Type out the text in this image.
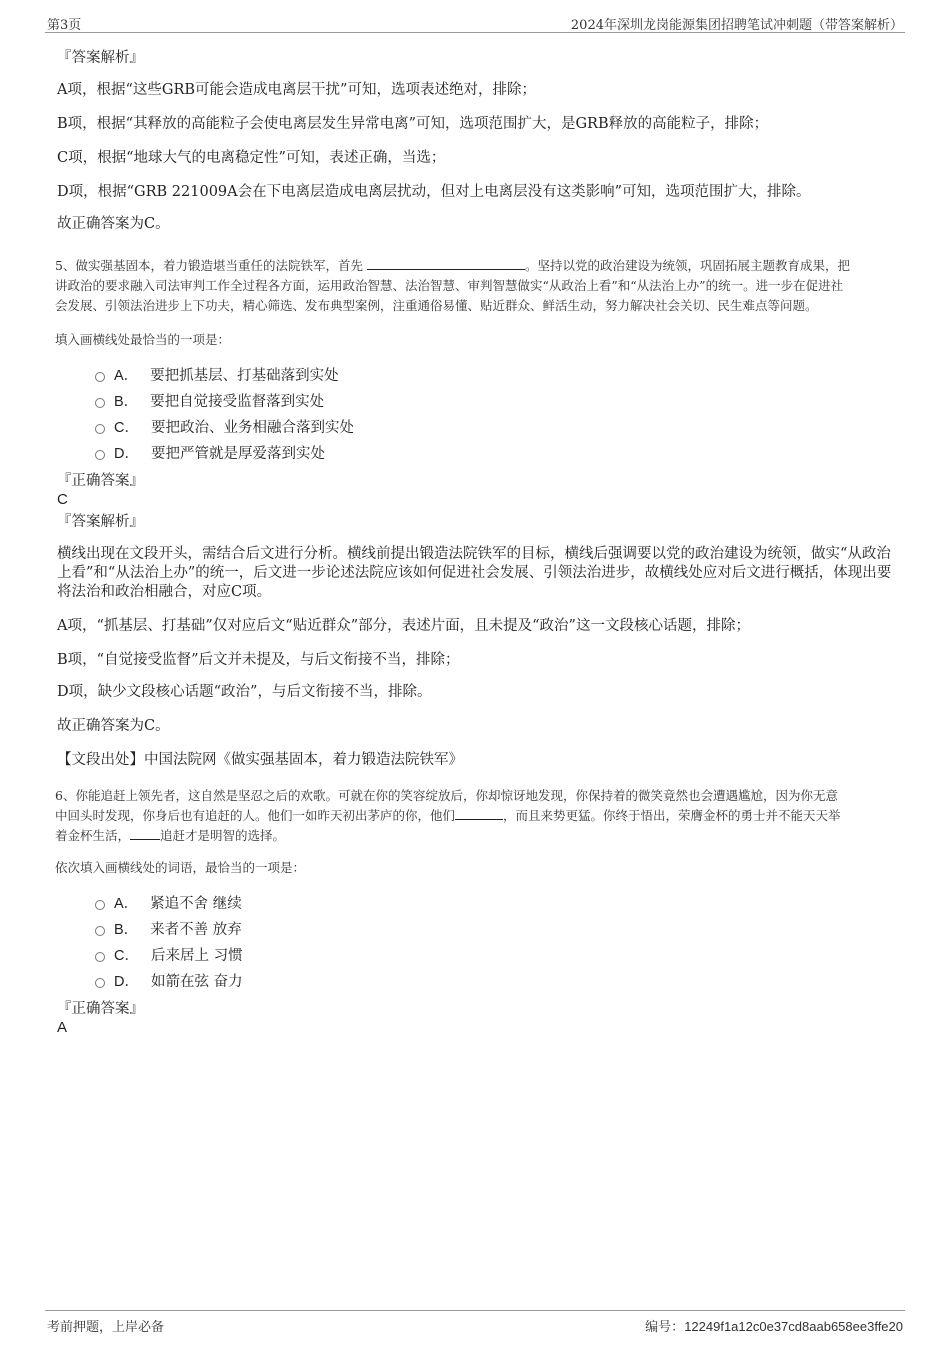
第3页	2024年深圳龙岗能源集团招聘笔试冲刺题（带答案解析）
『答案解析』
A项，根据“这些GRB可能会造成电离层干扰”可知，选项表述绝对，排除；
B项，根据“其释放的高能粒子会使电离层发生异常电离”可知，选项范围扩大，是GRB释放的高能粒子，排除；
C项，根据“地球大气的电离稳定性”可知，表述正确，当选；
D项，根据“GRB 221009A会在下电离层造成电离层扰动，但对上电离层没有这类影响”可知，选项范围扩大，排除。
故正确答案为C。
5、做实强基固本，着力锻造堪当重任的法院铁军，首先	。坚持以党的政治建设为统领，巩固拓展主题教育成果，把
讲政治的要求融入司法审判工作全过程各方面，运用政治智慧、法治智慧、审判智慧做实“从政治上看”和“从法治上办”的统一。进一步在促进社
会发展、引领法治进步上下功夫，精心筛选、发布典型案例，注重通俗易懂、贴近群众、鲜活生动，努力解决社会关切、民生难点等问题。
填入画横线处最恰当的一项是：
A． 要把抓基层、打基础落到实处
B． 要把自觉接受监督落到实处
C． 要把政治、业务相融合落到实处
D． 要把严管就是厚爱落到实处
『正确答案』
C
『答案解析』
横线出现在文段开头，需结合后文进行分析。横线前提出锻造法院铁军的目标，横线后强调要以党的政治建设为统领，做实“从政治上看”和“从法治上办”的统一，后文进一步论述法院应该如何促进社会发展、引领法治进步，故横线处应对后文进行概括，体现出要将法治和政治相融合，对应C项。
A项，“抓基层、打基础”仅对应后文“贴近群众”部分，表述片面，且未提及“政治”这一文段核心话题，排除；
B项，“自觉接受监督”后文并未提及，与后文衔接不当，排除；
D项，缺少文段核心话题“政治”，与后文衔接不当，排除。
故正确答案为C。
【文段出处】中国法院网《做实强基固本，着力锻造法院铁军》
6、你能追赶上领先者，这自然是坚忍之后的欢歌。可就在你的笑容绽放后，你却惊讶地发现，你保持着的微笑竟然也会遭遇尴尬，因为你无意
中回头时发现，你身后也有追赶的人。他们一如昨天初出茅庐的你，他们	，而且来势更猛。你终于悟出，荣膺金杯的勇士并不能天天举
着金杯生活， 追赶才是明智的选择。
依次填入画横线处的词语，最恰当的一项是：
A． 紧追不舍 继续
B． 来者不善 放弃
C． 后来居上 习惯
D． 如箭在弦 奋力
『正确答案』
A
考前押题，上岸必备	编号：12249f1a12c0e37cd8aab658ee3ffe20
